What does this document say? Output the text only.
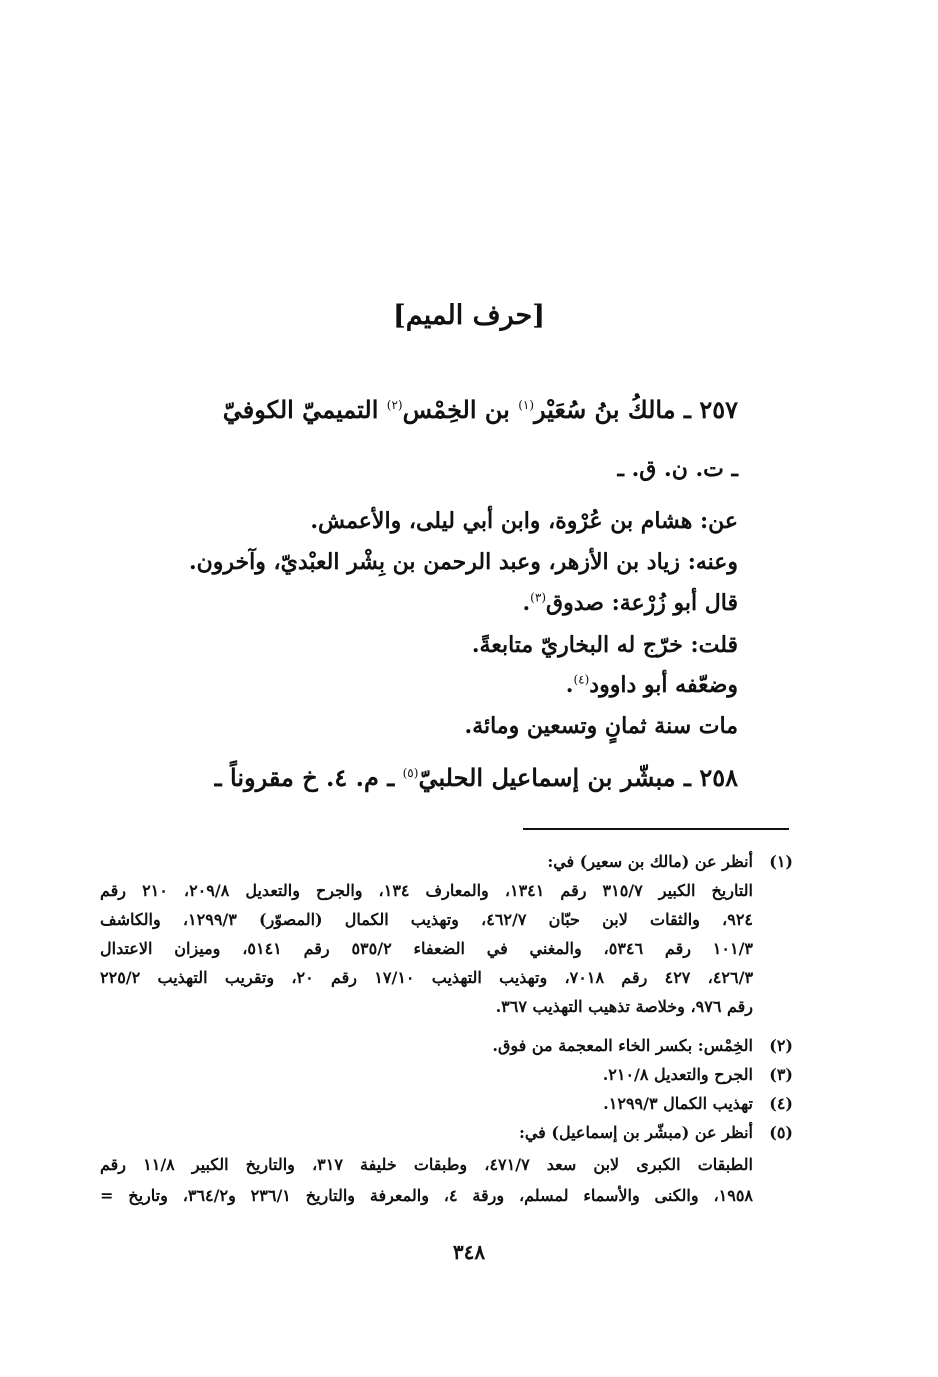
[حرف الميم]
٢٥٧ ـ مالكُ بنُ سُعَيْر$^{(١)}$ بن الخِمْس$^{(٢)}$ التميميّ الكوفيّ
ـ ت. ن. ق. ـ
عن: هشام بن عُرْوة، وابن أبي ليلى، والأعمش.
وعنه: زياد بن الأزهر، وعبد الرحمن بن بِشْر العبْديّ، وآخرون.
قال أبو زُرْعة: صدوق$^{(٣)}$.
قلت: خرّج له البخاريّ متابعةً.
وضعّفه أبو داوود$^{(٤)}$.
مات سنة ثمانٍ وتسعين ومائة.
٢٥٨ ـ مبشّر بن إسماعيل الحلبيّ$^{(٥)}$ ـ م. ٤. خ مقروناً ـ
(١)
أنظر عن (مالك بن سعير) في:
التاريخ الكبير ٣١٥/٧ رقم ١٣٤١، والمعارف ١٣٤، والجرح والتعديل ٢٠٩/٨، ٢١٠ رقم
٩٢٤، والثقات لابن حبّان ٤٦٢/٧، وتهذيب الكمال (المصوّر) ١٢٩٩/٣، والكاشف
١٠١/٣ رقم ٥٣٤٦، والمغني في الضعفاء ٥٣٥/٢ رقم ٥١٤١، وميزان الاعتدال
٤٢٦/٣، ٤٢٧ رقم ٧٠١٨، وتهذيب التهذيب ١٧/١٠ رقم ٢٠، وتقريب التهذيب ٢٢٥/٢
رقم ٩٧٦، وخلاصة تذهيب التهذيب ٣٦٧.
(٢)
الخِمْس: بكسر الخاء المعجمة من فوق.
(٣)
الجرح والتعديل ٢١٠/٨.
(٤)
تهذيب الكمال ١٢٩٩/٣.
(٥)
أنظر عن (مبشّر بن إسماعيل) في:
الطبقات الكبرى لابن سعد ٤٧١/٧، وطبقات خليفة ٣١٧، والتاريخ الكبير ١١/٨ رقم
١٩٥٨، والكنى والأسماء لمسلم، ورقة ٤، والمعرفة والتاريخ ٢٣٦/١ و٣٦٤/٢، وتاريخ =
٣٤٨
